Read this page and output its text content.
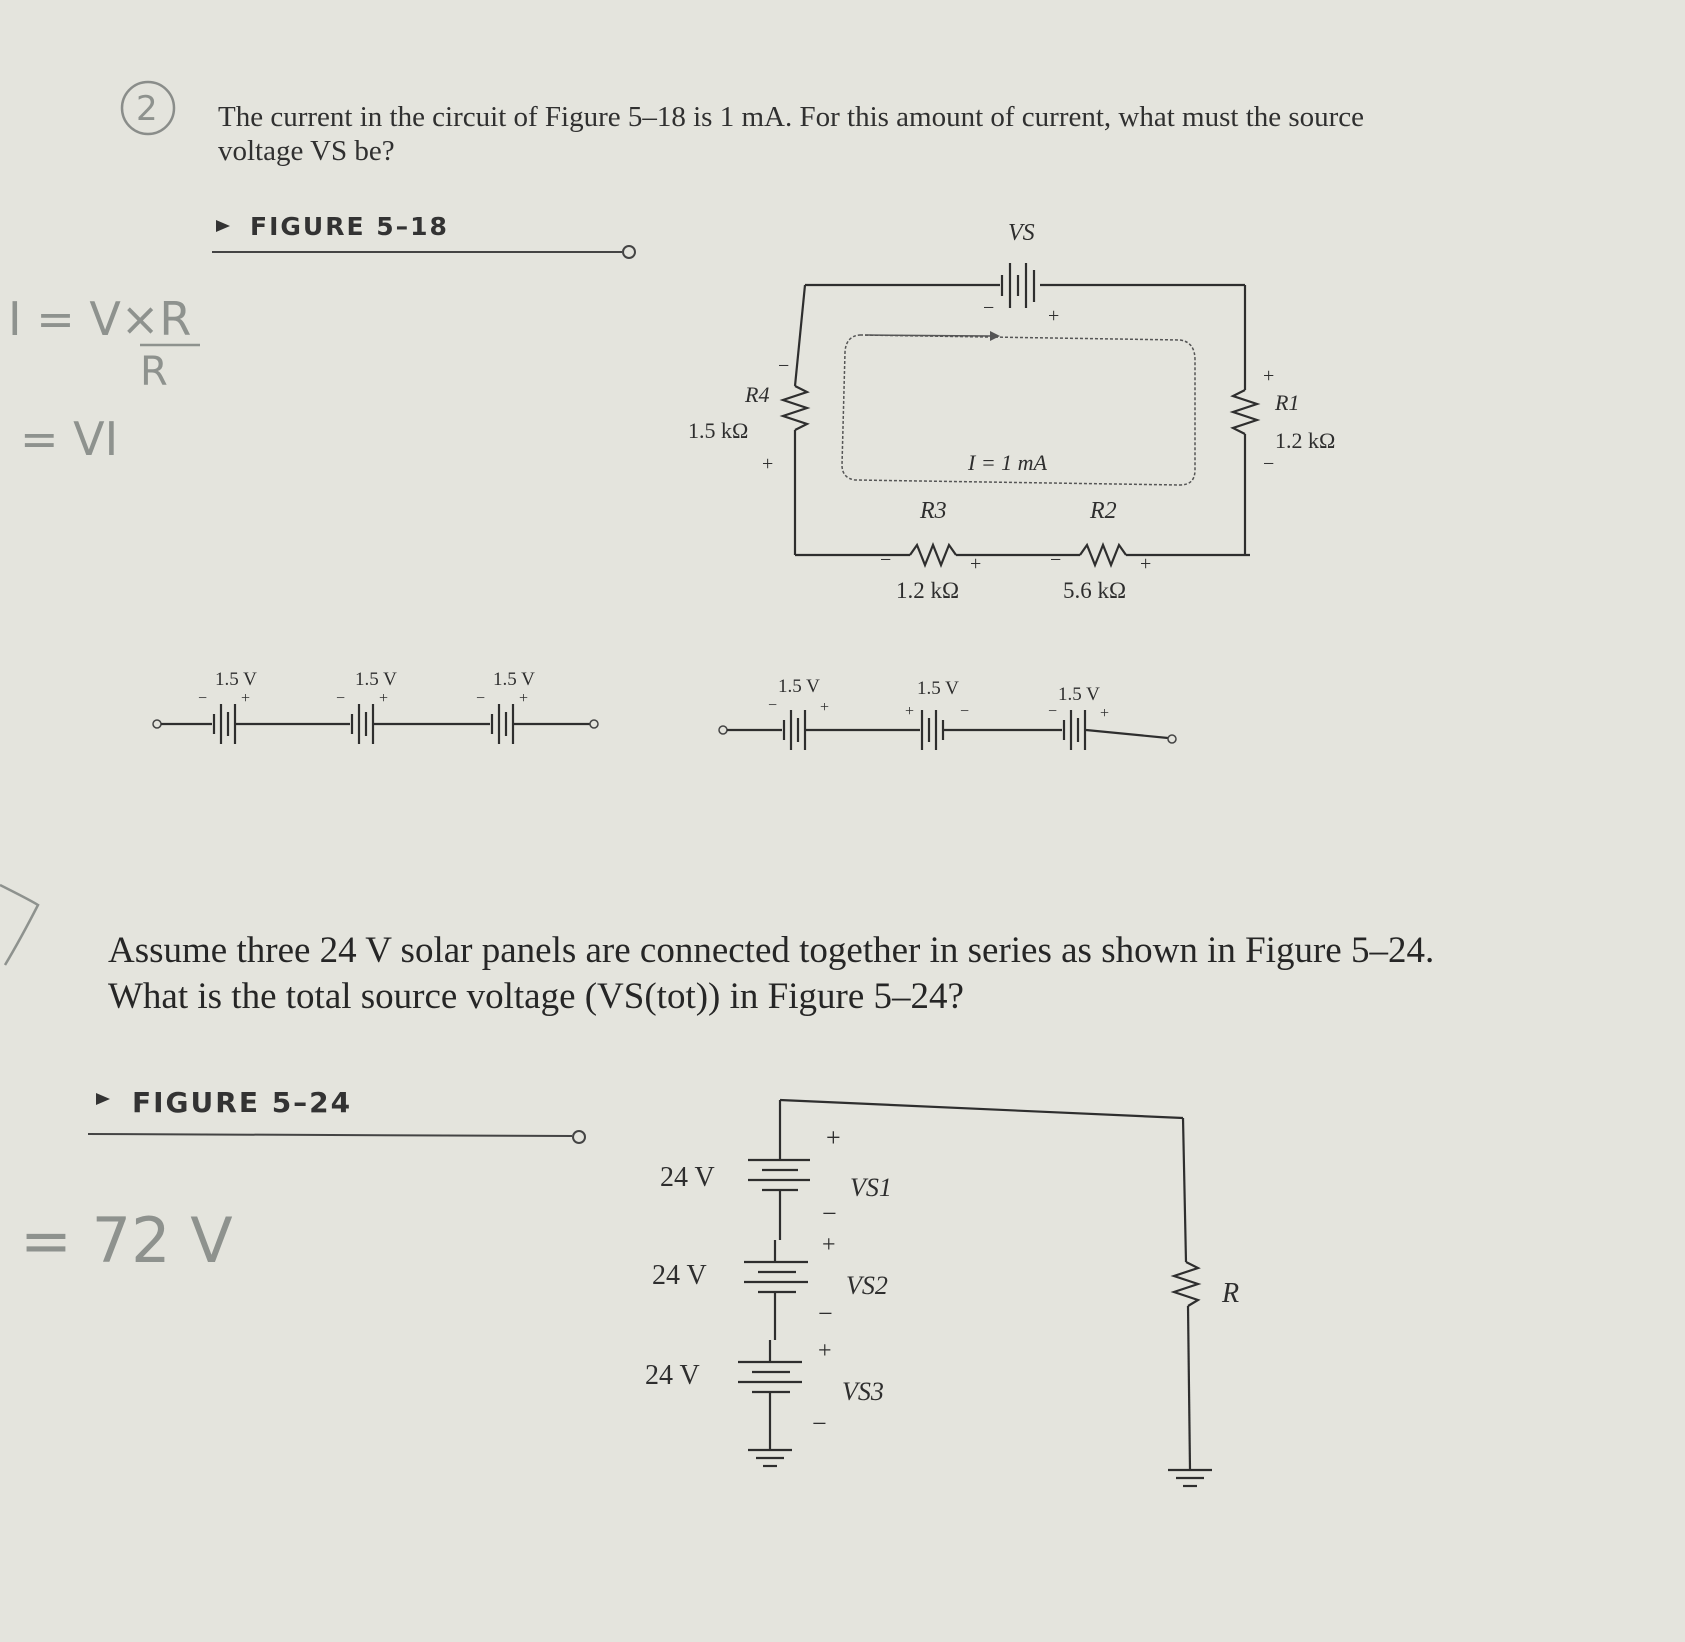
2
−	+
VS
+
−
R1
1.2 kΩ
−	+	−	+
R3
1.2 kΩ
R2
5.6 kΩ
−
+
R4
1.5 kΩ
I = 1 mA
− +	− +	− +
1.5 V	1.5 V	1.5 V
−	+	+	−	−	+
1.5 V	1.5 V	1.5 V
+
−
+
−
+
−
24 V	VS1
24 V	VS2
24 V
VS3
R
I = V×R
R
= VI
= 72 V
The current in the circuit of Figure 5–18 is 1 mA. For this amount of current, what must the source voltage VS be?
FIGURE 5–18
Assume three 24 V solar panels are connected together in series as shown in Figure 5–24. What is the total source voltage (VS(tot)) in Figure 5–24?
FIGURE 5–24
